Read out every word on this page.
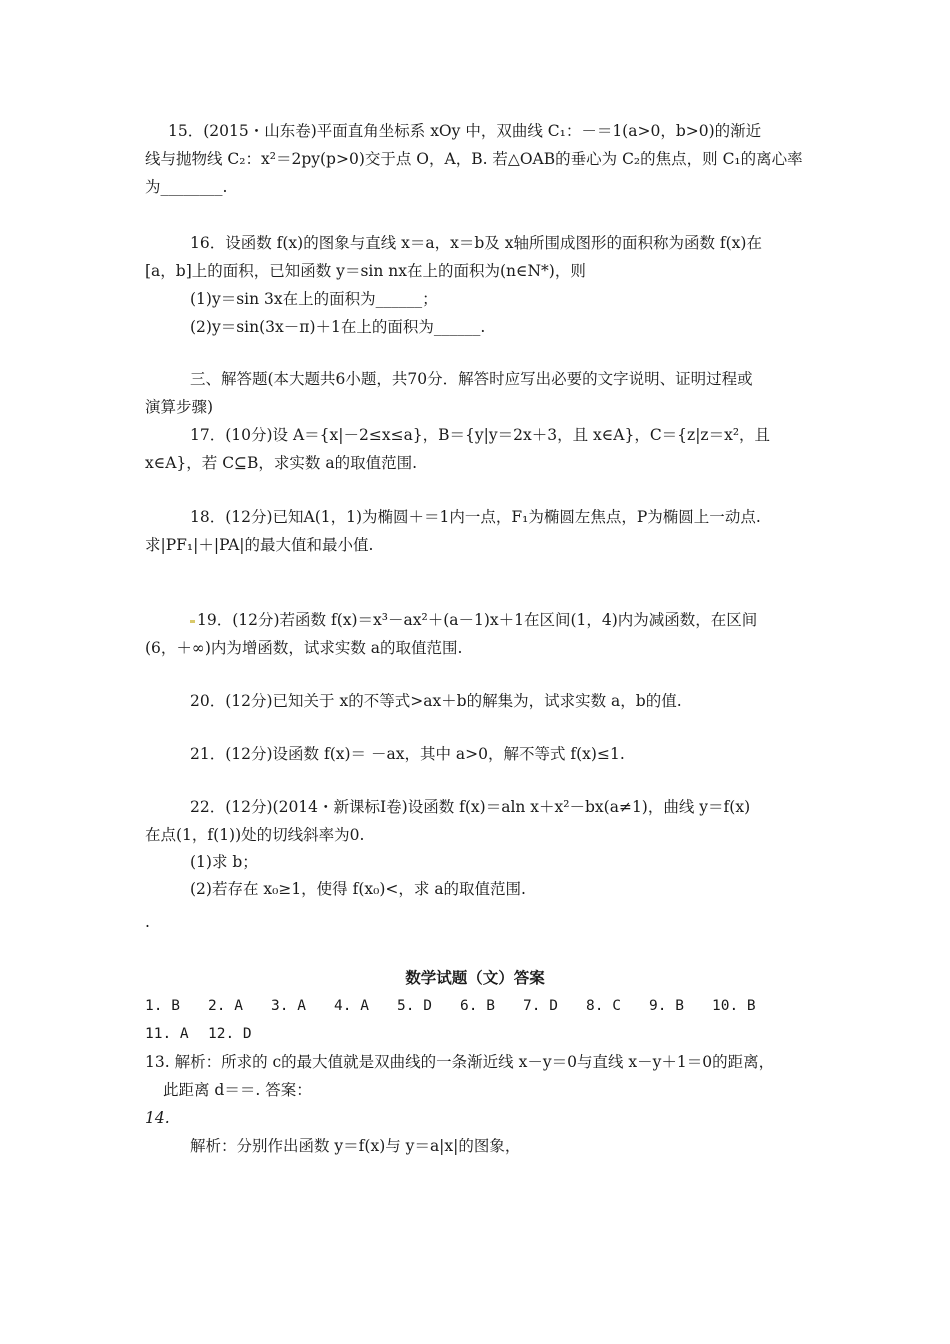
15．(2015・山东卷)平面直角坐标系 xOy 中，双曲线 C₁：－＝1(a>0，b>0)的渐近
线与抛物线 C₂：x²＝2py(p>0)交于点 O，A，B. 若△OAB的垂心为 C₂的焦点，则 C₁的离心率
为________.
16．设函数 f(x)的图象与直线 x＝a，x＝b及 x轴所围成图形的面积称为函数 f(x)在
[a，b]上的面积，已知函数 y＝sin nx在上的面积为(n∈N*)，则
(1)y＝sin 3x在上的面积为______；
(2)y＝sin(3x－π)＋1在上的面积为______.
三、解答题(本大题共6小题，共70分．解答时应写出必要的文字说明、证明过程或
演算步骤)
17．(10分)设 A＝{x|－2≤x≤a}，B＝{y|y＝2x＋3，且 x∈A}，C＝{z|z＝x²，且
x∈A}，若 C⊆B，求实数 a的取值范围.
18．(12分)已知A(1，1)为椭圆＋＝1内一点，F₁为椭圆左焦点，P为椭圆上一动点.
求|PF₁|＋|PA|的最大值和最小值.
19．(12分)若函数 f(x)＝x³－ax²＋(a－1)x＋1在区间(1，4)内为减函数，在区间
(6，＋∞)内为增函数，试求实数 a的取值范围.
20．(12分)已知关于 x的不等式>ax＋b的解集为，试求实数 a，b的值.
21．(12分)设函数 f(x)＝ －ax，其中 a>0，解不等式 f(x)≤1.
22．(12分)(2014・新课标Ⅰ卷)设函数 f(x)＝aln x＋x²－bx(a≠1)，曲线 y＝f(x)
在点(1，f(1))处的切线斜率为0.
(1)求 b；
(2)若存在 x₀≥1，使得 f(x₀)<，求 a的取值范围.
.
数学试题（文）答案
1. B 2. A 3. A 4. A 5. D 6. B 7. D 8. C 9. B 10. B
11. A 12. D
13. 解析：所求的 c的最大值就是双曲线的一条渐近线 x－y＝0与直线 x－y＋1＝0的距离，
此距离 d＝＝. 答案：
14.
解析：分别作出函数 y＝f(x)与 y＝a|x|的图象，
